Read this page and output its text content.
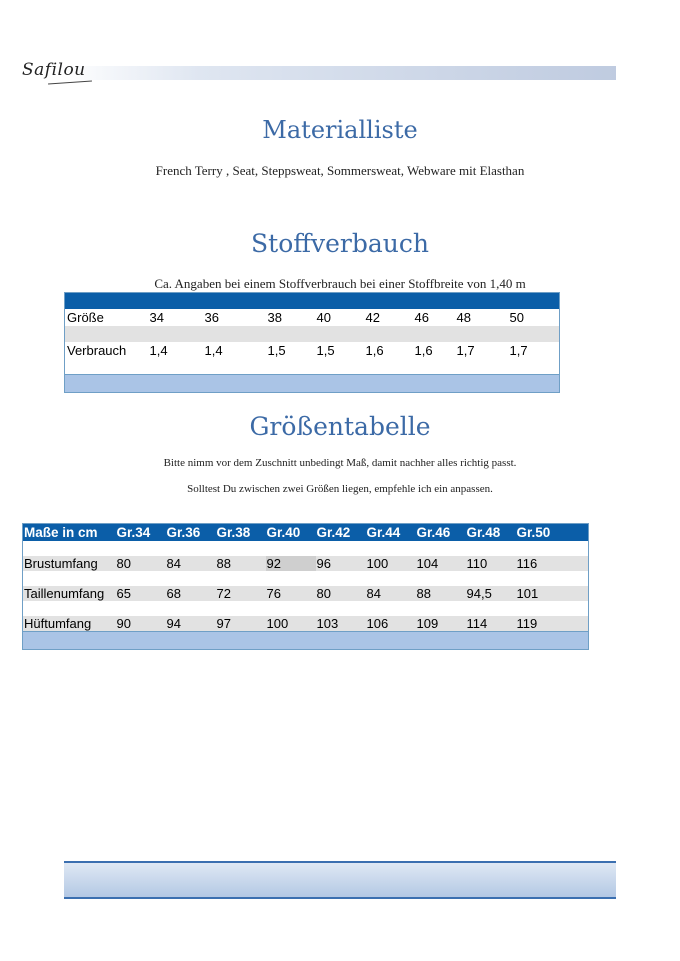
Safilou
Materialliste
French Terry , Seat, Steppsweat, Sommersweat, Webware mit Elasthan
Stoffverbauch
Ca. Angaben bei einem Stoffverbrauch bei einer Stoffbreite von 1,40 m

Größe	34	36	38	40	42	46	48	50

Verbrauch	1,4	1,4	1,5	1,5	1,6	1,6	1,7	1,7

Größentabelle
Bitte nimm vor dem Zuschnitt unbedingt Maß, damit nachher alles richtig passt.
Solltest Du zwischen zwei Größen liegen, empfehle ich ein anpassen.
Maße in cm	Gr.34	Gr.36	Gr.38	Gr.40	Gr.42	Gr.44	Gr.46	Gr.48	Gr.50

Brustumfang	80	84	88	92	96	100	104	110	116

Taillenumfang	65	68	72	76	80	84	88	94,5	101

Hüftumfang	90	94	97	100	103	106	109	114	119
